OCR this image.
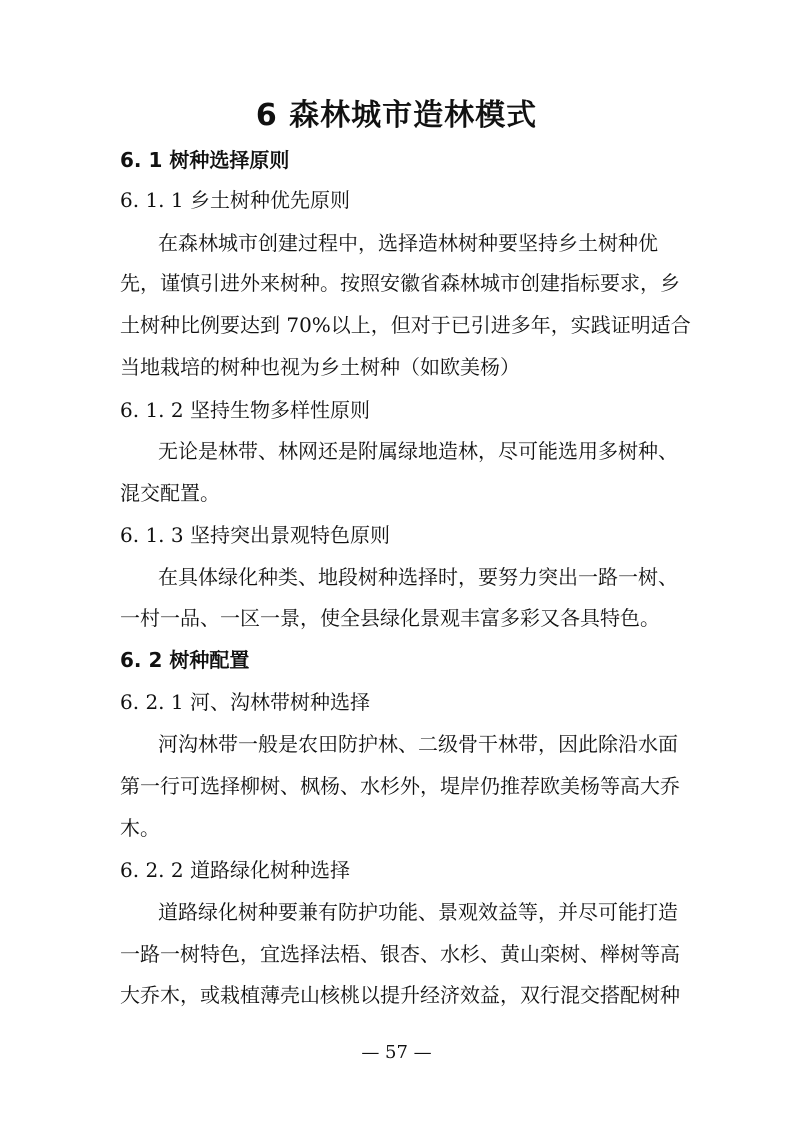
6 森林城市造林模式
6. 1 树种选择原则
6. 1. 1 乡土树种优先原则
在森林城市创建过程中，选择造林树种要坚持乡土树种优
先，谨慎引进外来树种。按照安徽省森林城市创建指标要求，乡
土树种比例要达到 70%以上，但对于已引进多年，实践证明适合
当地栽培的树种也视为乡土树种（如欧美杨）
6. 1. 2 坚持生物多样性原则
无论是林带、林网还是附属绿地造林，尽可能选用多树种、
混交配置。
6. 1. 3 坚持突出景观特色原则
在具体绿化种类、地段树种选择时，要努力突出一路一树、
一村一品、一区一景，使全县绿化景观丰富多彩又各具特色。
6. 2 树种配置
6. 2. 1 河、沟林带树种选择
河沟林带一般是农田防护林、二级骨干林带，因此除沿水面
第一行可选择柳树、枫杨、水杉外，堤岸仍推荐欧美杨等高大乔
木。
6. 2. 2 道路绿化树种选择
道路绿化树种要兼有防护功能、景观效益等，并尽可能打造
一路一树特色，宜选择法梧、银杏、水杉、黄山栾树、榉树等高
大乔木，或栽植薄壳山核桃以提升经济效益，双行混交搭配树种
— 57 —
